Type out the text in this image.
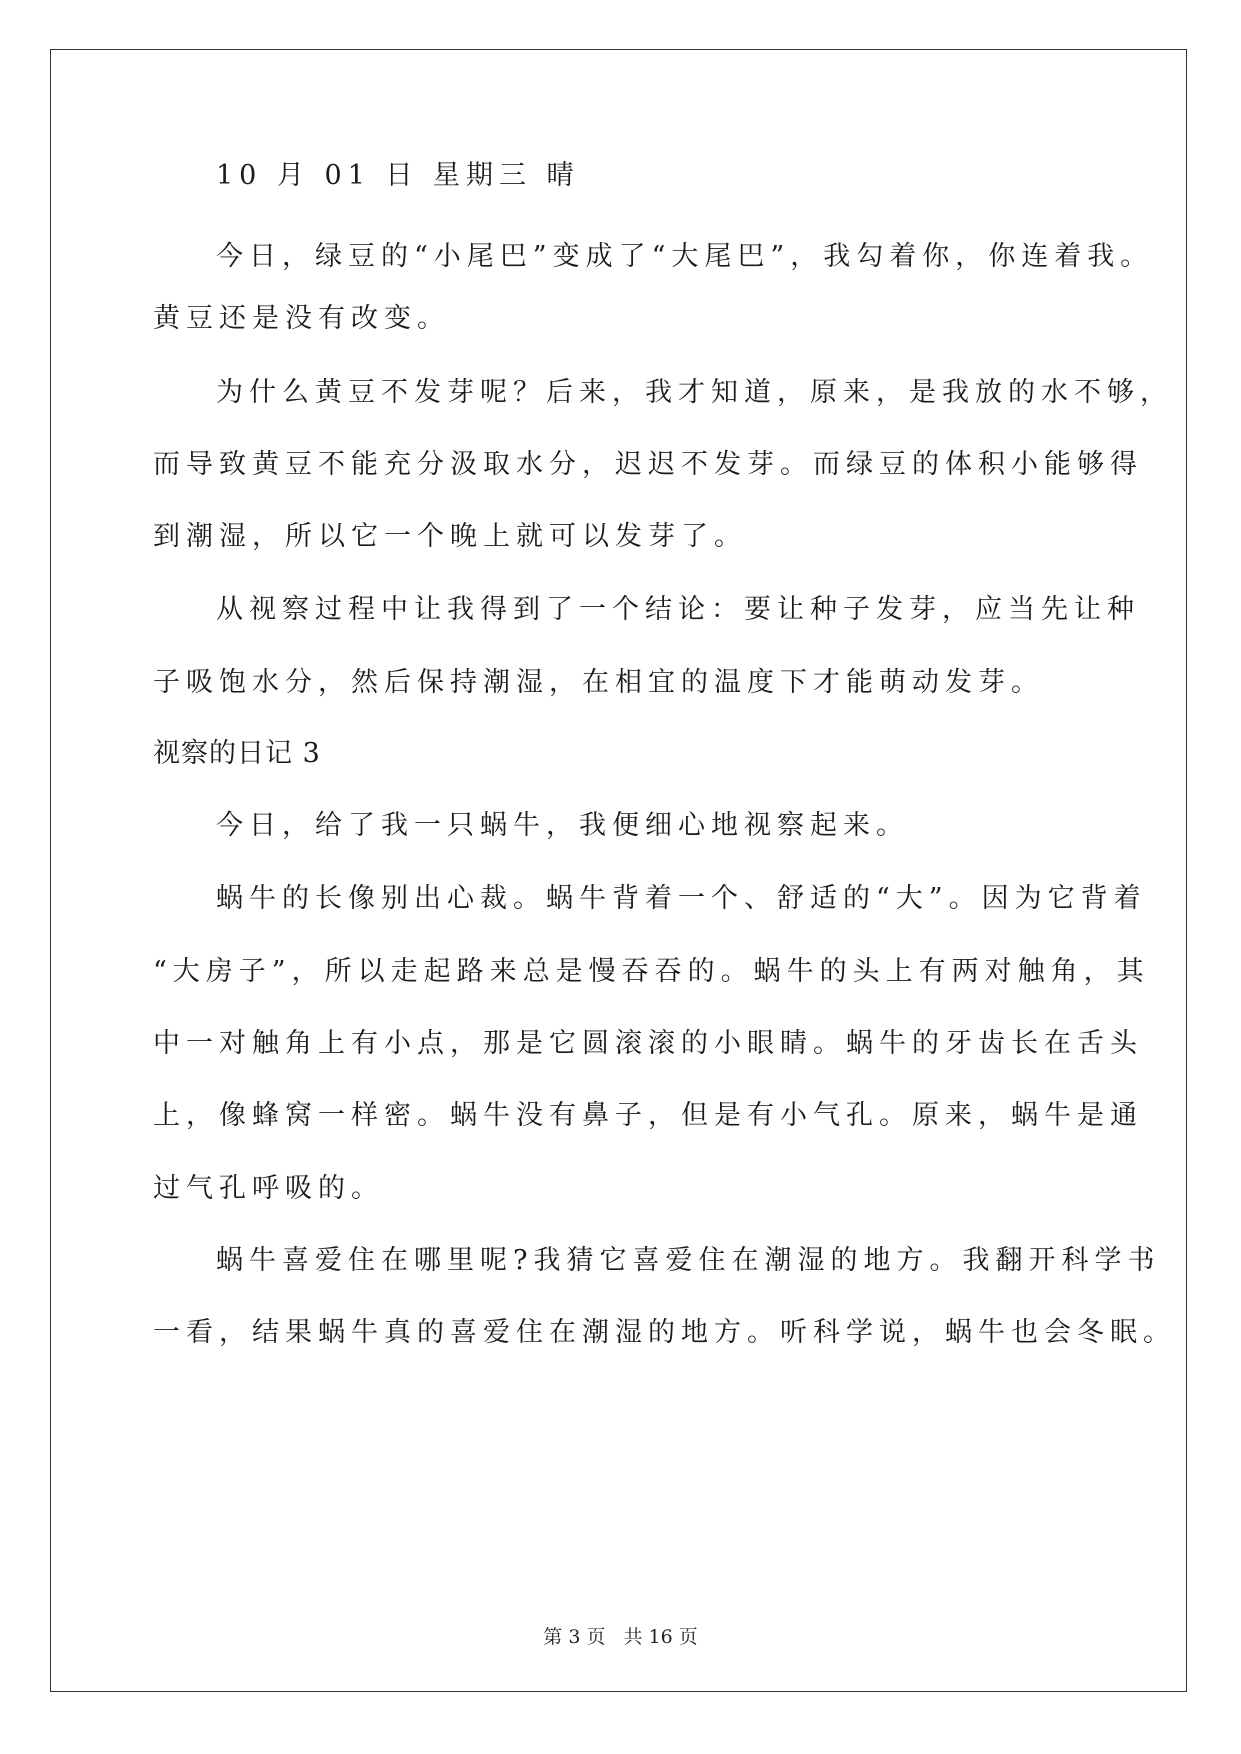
10 月 01 日 星期三 晴
今日，绿豆的“小尾巴”变成了“大尾巴”，我勾着你，你连着我。
黄豆还是没有改变。
为什么黄豆不发芽呢？后来，我才知道，原来，是我放的水不够，
而导致黄豆不能充分汲取水分，迟迟不发芽。而绿豆的体积小能够得
到潮湿，所以它一个晚上就可以发芽了。
从视察过程中让我得到了一个结论：要让种子发芽，应当先让种
子吸饱水分，然后保持潮湿，在相宜的温度下才能萌动发芽。
视察的日记 3
今日，给了我一只蜗牛，我便细心地视察起来。
蜗牛的长像别出心裁。蜗牛背着一个、舒适的“大”。因为它背着
“大房子”，所以走起路来总是慢吞吞的。蜗牛的头上有两对触角，其
中一对触角上有小点，那是它圆滚滚的小眼睛。蜗牛的牙齿长在舌头
上，像蜂窝一样密。蜗牛没有鼻子，但是有小气孔。原来，蜗牛是通
过气孔呼吸的。
蜗牛喜爱住在哪里呢?我猜它喜爱住在潮湿的地方。我翻开科学书
一看，结果蜗牛真的喜爱住在潮湿的地方。听科学说，蜗牛也会冬眠。
第 3 页 共 16 页
